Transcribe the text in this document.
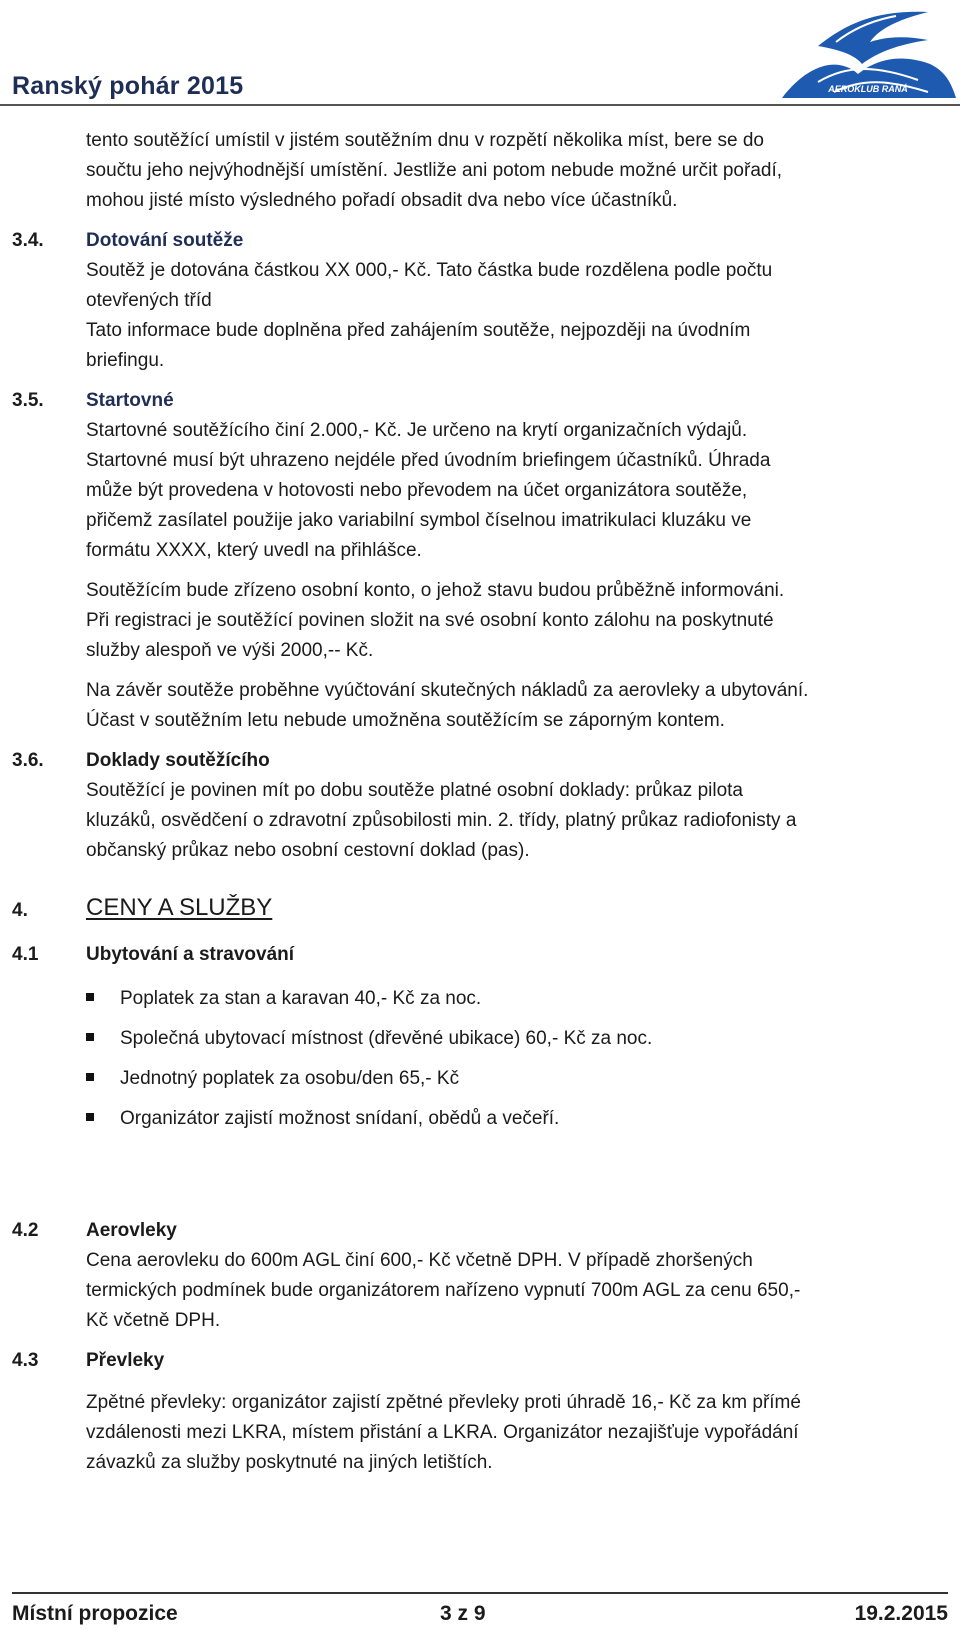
Ranský pohár 2015	AEROKLUB RANÁ
tento soutěžící umístil v jistém soutěžním dnu v rozpětí několika míst, bere se do
součtu jeho nejvýhodnější umístění. Jestliže ani potom nebude možné určit pořadí,
mohou jisté místo výsledného pořadí obsadit dva nebo více účastníků.
3.4. Dotování soutěže
Soutěž je dotována částkou XX 000,- Kč. Tato částka bude rozdělena podle počtu
otevřených tříd
Tato informace bude doplněna před zahájením soutěže, nejpozději na úvodním
briefingu.
3.5. Startovné
Startovné soutěžícího činí 2.000,- Kč. Je určeno na krytí organizačních výdajů.
Startovné musí být uhrazeno nejdéle před úvodním briefingem účastníků. Úhrada
může být provedena v hotovosti nebo převodem na účet organizátora soutěže,
přičemž zasílatel použije jako variabilní symbol číselnou imatrikulaci kluzáku ve
formátu XXXX, který uvedl na přihlášce.
Soutěžícím bude zřízeno osobní konto, o jehož stavu budou průběžně informováni.
Při registraci je soutěžící povinen složit na své osobní konto zálohu na poskytnuté
služby alespoň ve výši 2000,-- Kč.
Na závěr soutěže proběhne vyúčtování skutečných nákladů za aerovleky a ubytování.
Účast v soutěžním letu nebude umožněna soutěžícím se záporným kontem.
3.6. Doklady soutěžícího
Soutěžící je povinen mít po dobu soutěže platné osobní doklady: průkaz pilota
kluzáků, osvědčení o zdravotní způsobilosti min. 2. třídy, platný průkaz radiofonisty a
občanský průkaz nebo osobní cestovní doklad (pas).
4. CENY A SLUŽBY
4.1	Ubytování a stravování
Poplatek za stan a karavan 40,- Kč za noc.
Společná ubytovací místnost (dřevěné ubikace) 60,- Kč za noc.
Jednotný poplatek za osobu/den 65,- Kč
Organizátor zajistí možnost snídaní, obědů a večeří.
4.2	Aerovleky
Cena aerovleku do 600m AGL činí 600,- Kč včetně DPH. V případě zhoršených
termických podmínek bude organizátorem nařízeno vypnutí 700m AGL za cenu 650,-
Kč včetně DPH.
4.3	Převleky
Zpětné převleky: organizátor zajistí zpětné převleky proti úhradě 16,- Kč za km přímé
vzdálenosti mezi LKRA, místem přistání a LKRA. Organizátor nezajišťuje vypořádání
závazků za služby poskytnuté na jiných letištích.
Místní propozice	3 z 9	19.2.2015
